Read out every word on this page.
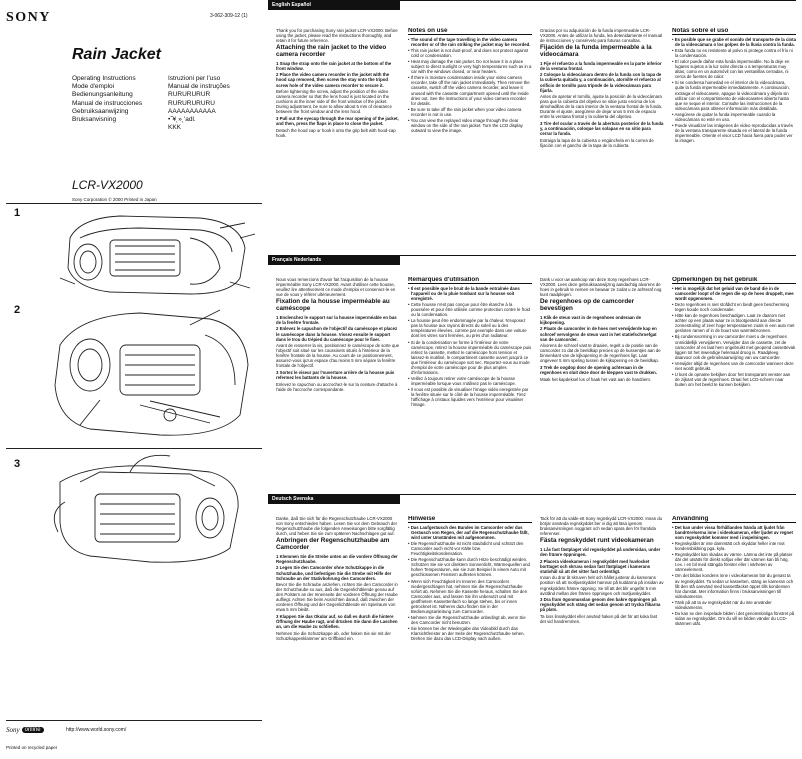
SONY	3-062-309-12 (1)
Rain Jacket
Operating Instructions
Mode d'emploi
Bedienungsanleitung
Manual de instrucciones
Gebruiksaanwijzing
Bruksanvisning
Istruzioni per l'uso
Manual de instruções
RURURURUR
RURURURURU
AAAAAAAAAAA
•˝¥˛»˛'adl.
KKK
LCR-VX2000
Sony Corporation © 2000 Printed in Japan
1
2
3
Sony online	http://www.world.sony.com/
Printed on recycled paper
English Español

Thank you for purchasing Sony rain jacket LCR-VX2000. Before using the jacket, please read the instructions thoroughly, and retain it for future reference.

Attaching the rain jacket to the video camera recorder

1 Snap the strap onto the rain jacket at the bottom of the front window.

2 Place the video camera recorder in the jacket with the hood cap removed, then screw the stay onto the tripod screw hole of the video camera recorder to secure it.

Before tightening the screw, adjust the position of the video camera recorder so that the lens hood is just located on the cushions at the inner side of the front window of the jacket. During adjustment, be sure to allow about 5 mm of clearance between the front window and the lens hood.

3 Pull out the eyecup through the rear opening of the jacket, and then, press the flaps in place to close the jacket.

Detach the hood cap or hook it onto the grip belt with hood-cap hook.

Notes on use
• The sound of the tape travelling in the video camera recorder or of the rain striking the jacket may be recorded.
• This rain jacket is not dust-proof, and does not protect against cold or condensation.
• Heat may damage the rain jacket. Do not leave it in a place subject to direct sunlight or very high temperatures such as in a car with the windows closed, or near heaters.
• If there is moisture condensation inside your video camera recorder, take off the rain jacket immediately. Then remove the cassette, switch off the video camera recorder, and leave it unused with the cassette compartment opened until the inside dries out. See the instructions of your video camera recorder for details.
• Be sure to take off the rain jacket when your video camera recorder is not in use.
• You can view the replayed video image through the clear window on the side of the rain jacket. Turn the LCD display outward to view the image.

Gracias por su adquisición de la funda impermeable LCR-VX2000. Antes de utilizar la funda, lea detenidamente el manual de instrucciones y consérvelo para futuras consultas.

Fijación de la funda impermeable a la videocámara

1 Fije el refuerzo a la funda impermeable en la parte inferior de la ventana frontal.

2 Coloque la videocámara dentro de la funda con la tapa de la cubierta quitada y, a continuación, atornille el refuerzo al orificio de tornillo para trípode de la videocámara para fijarla.

Antes de apretar el tornillo, ajuste la posición de la videocámara para que la cubierta del objetivo se sitúe justo encima de los almohadillas de la cara interior de la ventana frontal de la funda. Durante el ajuste, asegúrese de dejar unos 5 mm de espacio entre la ventana frontal y la cubierta del objetivo.

3 Tire del ocular a través de la abertura posterior de la funda y, a continuación, coloque las solapas en su sitio para cerrar la funda.

Extraiga la tapa de la cubierta o engánchela en la correa de fijación con el gancho de la tapa de la cubierta.

Notas sobre el uso
• Es posible que se grabe el sonido del transporte de la cinta de la videocámara o los golpes de la lluvia contra la funda.
• Esta funda no es resistente al polvo ni protege contra el frío ni la condensación.
• El calor puede dañar esta funda impermeable. No la deje en lugares sujetos a la luz solar directa o a temperaturas muy altas, como en un automóvil con las ventanillas cerradas, ni cerca de fuentes de calor.
• Si se condensa humedad en el interior de la videocámara, quite la funda impermeable inmediatamente. A continuación, extraiga el videocasete, apague la videocámara y déjela sin utilizar con el compartimiento de videocasetes abierto hasta que se seque el interior. Consulte las instrucciones de la videocámara para obtener información más detallada.
• Asegúrese de quitar la funda impermeable cuando la videocámara no esté en uso.
• Puede visualizar las imágenes de vídeo reproducidas a través de la ventana transparente situada en el lateral de la funda impermeable. Oriente el visor LCD hacia fuera para poder ver la imagen.
Français Nederlands

Nous vous remercions d'avoir fait l'acquisition de la housse imperméable Sony LCR-VX2000. Avant d'utiliser cette housse, veuillez lire attentivement ce mode d'emploi et conservez-le en vue de vous y référer ultérieurement.

Fixation de la housse imperméable au caméscope

1 Enclenchez le support sur la housse imperméable en bas de la fenêtre frontale.

2 Enlevez le capuchon de l'objectif du caméscope et placez le caméscope dans la housse. Vissez ensuite le support dans le trou du trépied du caméscope pour le fixer.

Avant de resserrer la vis, positionnez le caméscope de sorte que l'objectif soit situé sur les coussinets situés à l'intérieur de la fenêtre frontale de la housse. Au cours de ce positionnement, assurez-vous qu'un espace d'au moins 5 mm sépare la fenêtre frontale de l'objectif.

3 Sortez le viseur par l'ouverture arrière de la housse puis refermez les battants de la housse.

Enlevez le capuchon ou accrochez-le sur la ceinture d'attache à l'aide de l'accroche correspondante.

Remarques d'utilisation
• Il est possible que le bruit de la bande entraînée dans l'appareil ou de la pluie tombant sur la housse soit enregistré.
• Cette housse n'est pas conçue pour être étanche à la poussière et pour être utilisée comme protection contre le froid ou la condensation.
• La housse peut être endommagée par la chaleur. N'exposez pas la housse aux rayons directs du soleil ou à des températures élevées, comme par exemple dans une voiture dont les vitres sont fermées, ou près d'un radiateur.
• Si de la condensation se forme à l'intérieur de votre caméscope, retirez la housse imperméable du caméscope puis retirez la cassette, mettez le caméscope hors tension et laissez-le inutilisé, le compartiment cassette ouvert jusqu'à ce que l'intérieur du caméscope soit sec. Reportez-vous au mode d'emploi de votre caméscope pour de plus amples d'informations.
• Veillez à toujours retirer votre caméscope de la housse imperméable lorsque vous n'utilisez pas le caméscope.
• Il vous est possible de visualiser l'image vidéo enregistrée par la fenêtre située sur le côté de la housse imperméable. Tirez l'affichage à cristaux liquides vers l'extérieur pour visualiser l'image.

Dank u voor uw aankoop van deze Sony regenhoes LCR-VX2000. Lees deze gebruiksaanwijzing aandachtig alvorens de hoes in gebruik te nemen en bewaar ze zodat u ze achteraf nog kunt raadplegen.

De regenhoes op de camcorder bevestigen

1 Klik de steun vast in de regenhoes onderaan de kijkopening.

2 Plaats de camcorder in de hoes met verwijderde kap en schroef vervolgens de steun vast in het statiefschroefgat van de camcorder.

Alvorens de schroef vast te draaien, regelt u de positie van de camcorder zo dat de beeldkap precies op de kussentjes aan de binnenkant van de kijkopening in de regenhoes ligt. Laat ongeveer 5 mm speling tussen de kijkopening en de beeldkap.

3 Trek de oogdop door de opening achteraan in de regenhoes en sluit deze door de kleppen vast te drukken.

Maak het kapdeksel los of haak het vast aan de handriem.

Opmerkingen bij het gebruik
• Het is mogelijk dat het geluid van de band die in de camcorder loopt of de regen die op de hoes druppelt, mee wordt opgenomen.
• Deze regenhoes is niet stofdicht en biedt geen bescherming tegen koude noch condensatie.
• Hitte kan de regenhoes beschadigen. Laat ze daarom niet achter op een plaats waar ze is blootgesteld aan directe zonnestraling of zeer hoge temperaturen zoals in een auto met gesloten ramen of in de buurt van warmtebronnen.
• Bij condensvorming in uw camcorder moet u de regenhoes onmiddellijk verwijderen. Verwijder dan de cassette, zet de camcorder af en laat hem ongebruikt met geopend cassettevak liggen tot het inwendige helemaal droog is. Raadpleeg daarvoor ook de gebruiksaanwijzing van uw camcorder.
• Verwijder altijd de regenhoes van de camcorder wanneer deze niet wordt gebruikt.
• U kunt de opname bekijken door het transparant venster aan de zijkant van de regenhoes. Draai het LCD-scherm naar buiten om het beeld te kunnen bekijken.
Deutsch Svenska

Danke, daß Sie sich für die Regenschutzhaube LCR-VX2000 von Sony entschieden haben. Lesen Sie vor dem Gebrauch der Regenschutzhaube die folgenden Anweisungen bitte sorgfältig durch, und heben Sie sie zum späteren Nachschlagen gut auf.

Anbringen der Regenschutzhaube am Camcorder

1 Klemmen Sie die Strebe unten an die vordere Öffnung der Regenschutzhaube.

2 Legen Sie den Camcorder ohne Schutzkappe in die Schutzhaube, und befestigen Sie die Strebe mit Hilfe der Schraube an der Stativbohrung des Camcorders.

Bevor Sie die Schraube anziehen, richten Sie den Camcorder in der Schutzhaube so aus, daß die Gegenlichtblende genau auf den Polstern an der Innenseite der vorderen Öffnung der Haube aufliegt. Achten Sie beim Ausrichten darauf, daß zwischen der vorderen Öffnung und der Gegenlichtblende ein Spielraum von etwa 5 mm bleibt.

3 Klappen Sie das Okular auf, so daß es durch die hintere Öffnung der Haube ragt, und drücken Sie dann die Laschen an, um die Haube zu schließen.

Nehmen Sie die Schutzkappe ab, oder haken Sie sie mit der Schutzkappenklammer am Griffband ein.

Hinweise
• Das Laufgeräusch des Bandes im Camcorder oder das Geräusch von Regen, der auf die Regenschutzhaube fällt, wird unter Umständen mit aufgenommen.
• Die Regenschutzhaube ist nicht staubdicht und schützt den Camcorder auch nicht vor Kälte bzw. Feuchtigkeitskondensation.
• Die Regenschutzhaube kann durch Hitze beschädigt werden. Schützen Sie sie vor direktem Sonnenlicht, Wärmequellen und hohen Temperaturen, wie sie zum Beispiel in einem Auto mit geschlossenen Fenstern auftreten können.
• Wenn sich Feuchtigkeit im Inneren des Camcorders niedergeschlagen hat, nehmen Sie die Regenschutzhaube sofort ab. Nehmen Sie die Kassette heraus, schalten Sie den Camcorder aus, und lassen Sie ihn unbenutzt und mit geöffnetem Kassettenfach so lange stehen, bis er innen getrocknet ist. Näheres dazu finden Sie in der Bedienungsanleitung zum Camcorder.
• Nehmen Sie die Regenschutzhaube unbedingt ab, wenn Sie den Camcorder nicht benutzen.
• Sie können bei der Wiedergabe das Videobild durch das Klarsichtfenster an der Seite der Regenschutzhaube sehen. Drehen Sie dazu das LCD-Display nach außen.

Tack för att du valde ett Sony regnskydd LCR-VX2000. Innan du börjar använda regnskyddet ber vi dig att läsa igenom bruksanvisningen noggrant och sedan spara den för framtida referenser.

Fästa regnskyddet runt videokameran

1 Lås fast fästplaget vid regnskyddet på undersidan, under den främre öppningen.

2 Placera videokameran i regnskyddet med huvlocket borttaget och skruva sedan fast fästplaget i kamerans stativhål så att det sitter fast ordentligt.

Innan du drar åt skruven helt och hållet justerar du kamerans position så att motljusskyddet hamnar på kuddarna på insidan av regnskyddets främre öppning. Se till att det blir ungefär 5 mm avstånd mellan den främre öppningen och motljusskyddet.

3 Dra fram ögonmusslan genom den bakre öppningen på regnskyddet och stäng det sedan genom att trycka flikarna på plats.

Ta loss linsskyddet eller använd haken på det för att koka fast det vid handremmen.

Användning
• Det kan under vissa förhållanden hända att ljudet från bandrörelserna inne i videokameran, eller ljudet av regnet som regnskyddet kommer med i inspelningen.
• Regnskyddet är inte dammtätt och skyddar heller inte mot kondensbildning pga. kyla.
• Regnskyddet kan skadas av värme. Lämna det inte på platser där det utsätts för direkt solljus eller där värmen kan bli hög, t.ex. i en bil med stängda fönster eller i närheten av värmeelement.
• Om det bildas kondens inne i videokameran bör du genast ta av regnskyddet. Ta sedan ur kassetten, stäng av kameran och låt den stå oanvänd med kassettfacket öppet tills kondensen har dunstat. Mer information finns i bruksanvisningen till videokameran.
• Tänk på att ta av regnskyddet när du inte använder videokameran.
• Du kan se den inspelade bilden i det genomskinliga fönstret på sidan av regnskyddet. Om du vill se bilden vänder du LCD-skärmen utåt.
